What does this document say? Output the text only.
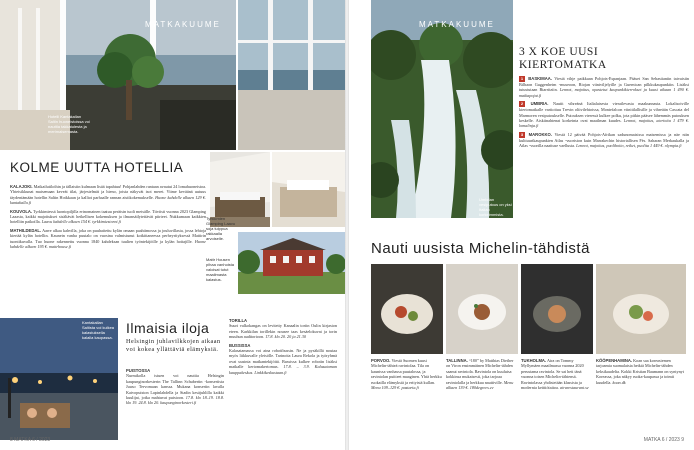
MATKAKUUME
Hotelli Kantakallan Saltin huoneistoissa voi nauttia takkatulesta ja merimaisemasta.
KOLME UUTTA HOTELLIA

KALAJOKI. Matkailutiloihin ja tällaisiin kulmaan lisää tapahtuu! Pohjanlahden rantaan avautui 24 lomahuoneistoa. Yhteisikkunat maisemaan keveät tilat, järjestelmät ja hieno, joista näkyvät isot meret. Viime keväänä uutuus täydentämään hotellin Saltin Hotkkaan ja kalliot parhaalle rannan aistikokemukselle. Huone kahdelle alkaen 129 €. kantakalla.fi

KOUVOLA. Tyrkkimiessä luontopiljilla erinomainen taatuu peräisin tuoli metsälle. Tiiviisti vuonna 2023 Glamping Laaasta, kaikki majoitukset sisältävät hetkellisen kokemuksen ja ilmansäilytettävät piirteet. Nukkumaan kaikkien hotelliin paikoilla. Laavu kahdelle alkaen 154 €. tyrkkimiestorni.fi

MATHILDEDAL. Aarre alkaa kahvilla, joka on puuhaitettu kylän omaan paahtimossa ja jouluvillasta, jossa lehtoja kiertää kylän hotellin. Kaunein vanha puutalo on vuosina valmistunut kotkittaneessa perheyrityksessä Mattirin tuontikuvalla. Tuo huone rakennettu vuonna 1840 kahdeksan tuulien työntekijöille ja kylän hoitajille. Huone kahdelle alkaen 195 €. mattrhouse.fi

Tyrkkimien Glamping Laavu soja tuippua rakkaalla arvoiselle.
Mattr Housen pihaa vanhoista valoisat tutut maailmasta kalastus.
Kantakallan Saltista voi kulkea kalastuksella kalalla kaupassa.
Ilmaisia iloja
Helsingin juhlavilkkojen aikaan voi kokea yllättäviä elämyksiä.

PUISTOSSA
Nurmikolla istuen voi nauttia Helsingin kaupunginorkesterin The Tallinn Schubertin -konsertista Juuso Tervomaan kanssa. Mukana konsertin lavalla Kaivopuiston Lapinlahdella ja Stadin kesäjuhlilla kaikki kuulijat, jotka mahtuvat puistoon. 17.8. klo 18–19. 18.8. klo 19. 24.8. klo 20. kaupunginorkesteri.fi

TORILLA
Suuri valkokangas on levitetty Kanaalin toriin Oulin kirjaston eteen. Karkkilan torillekin nousee taas kesäelokuvat ja torin muuhun auditorioon. 17.8. klo 20. 20 ja 21.30

BUSSISSA
Kalasatamassa voi aina robotibussin. Ne ja pysäkillä noutaa myös liikkuvalle yleisölle. Tarinoita Laura Rekola ja työryhmä ovat uusinta matkantekijöitä. Bussissa kulkee robotin lisäksi matkalle kertomakertomus. 17.8. – 3.9. Kalasataman kauppakeskus. Linkkikeskustaan.fi

8 MATKA 6 / 2023
MATKAKUUME
Umbrian vesiputous on yksi Italian korkeimmista.
3 X KOE UUSI KIERTOMATKA

1 BASKIMAA. Viestä vihje paikkaan Pohjois-Espanjaan. Pääset San Sebastianiin taivaisiin Bilbaon Guggenheim -museoon, Riojan viiniviljelyille ja Guernican pilkkukaupunkiin. Lisäksi tutustutaan Biarritziin. Lennot, majoitus, opastetut kaupunkikierrokset ja kuusi aikaan 1 490 €. matkapojat.fi

2 UMBRIA. Nautit vihreänä Italialaisesta vierailevasta maakunnasta. Lokalisoiville kiertomatkalle vartioituu Trevin oliivilehtoissa, Montefalcon viinitilallisille ja vihreään Cascata del Marmoren vesiputoukselle. Putouksen vieressä kulkee polku, jota pitkin pääsee lähemmäs putouksen keskelle. Aiskiinahtenat korkeinta ovat maailman kuudes. Lennot, majoitus, aterioita 1 479 €. lomalinja.fi

3 MAROKKO. Viestä 12 päivää Pohjois-Afrikan sadunomaisissa maisemissa ja näe niin kulttuurikaupunkien Atlas -vuoriston kuin Marrakechin historiallisen Fès. Saharan Merkaukalla ja Atlas -vuorilla naattuse vaellusta. Lennot, majoitus, puolihoito, retket, puolita 1 449 €. olympia.fi

Nauti uusista Michelin-tähdistä
PORVOO. Viestä Suomen kuusi Michelin-tähteä ravintolaa. Tila on kaunissa vanhassa puutalossa, ja ravintolan puitteet maaginen. Yhtä herkku ruokailla elämyksiä ja erityistä kullan. Menu 109–129 €. pastaria.fi
TALLINNA. “180” by Matthias Diether on Viron ensimmäinen Michelin-tähden saanut ravintola. Ravintola on kuuluisa kokkinsa mukaisesti, joka tarjoaa ravintolalla ja herkkua nauttiville. Menu alkaen 139 €. 180degrees.ee
TUKHOLMA. Aira on Tommy Myllymäen maailmassa vuonna 2020 perustama ravintola. Se sai heti tänä vuonna toisen Michelin-tähtensä. Ravintolassa yhdistetään klassista ja modernia keittiötaitoa. airarestaurant.se
KÖÖPENHAMINA. Koan saa koreasiemen tarjoamia suomalaisia hetkiä Michelin-tähden keksikaudelta. Kokki Kristian Baumann on syntynyt Koreassa, joka näkyy ruoka-kaupassa ja toimii kuudella. koan.dk
MATKA 6 / 2023 9
